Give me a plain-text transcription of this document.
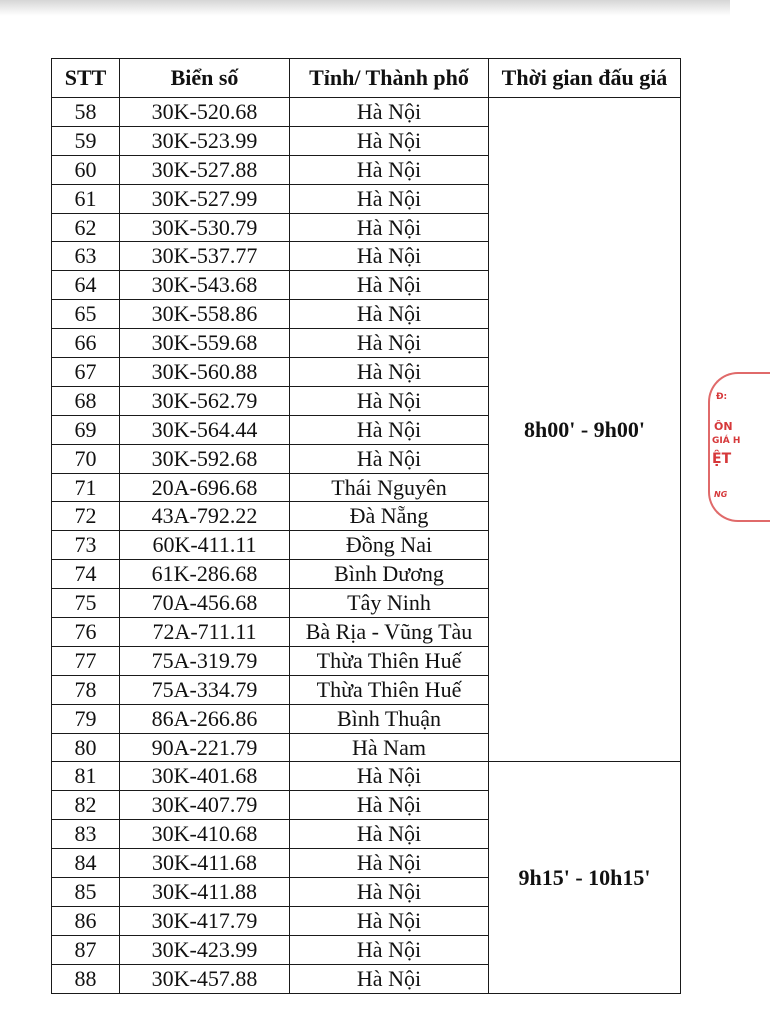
STT	Biển số	Tỉnh/ Thành phố	Thời gian đấu giá
58	30K-520.68	Hà Nội	8h00' - 9h00'
59	30K-523.99	Hà Nội	
60	30K-527.88	Hà Nội	
61	30K-527.99	Hà Nội	
62	30K-530.79	Hà Nội	
63	30K-537.77	Hà Nội	
64	30K-543.68	Hà Nội	
65	30K-558.86	Hà Nội	
66	30K-559.68	Hà Nội	
67	30K-560.88	Hà Nội	
68	30K-562.79	Hà Nội	
69	30K-564.44	Hà Nội	
70	30K-592.68	Hà Nội	
71	20A-696.68	Thái Nguyên	
72	43A-792.22	Đà Nẵng	
73	60K-411.11	Đồng Nai	
74	61K-286.68	Bình Dương	
75	70A-456.68	Tây Ninh	
76	72A-711.11	Bà Rịa - Vũng Tàu	
77	75A-319.79	Thừa Thiên Huế	
78	75A-334.79	Thừa Thiên Huế	
79	86A-266.86	Bình Thuận	
80	90A-221.79	Hà Nam	
81	30K-401.68	Hà Nội	9h15' - 10h15'
82	30K-407.79	Hà Nội	
83	30K-410.68	Hà Nội	
84	30K-411.68	Hà Nội	
85	30K-411.88	Hà Nội	
86	30K-417.79	Hà Nội	
87	30K-423.99	Hà Nội	
88	30K-457.88	Hà Nội	
Đ:
ÔN
GIÁ H
ỆT
NG
